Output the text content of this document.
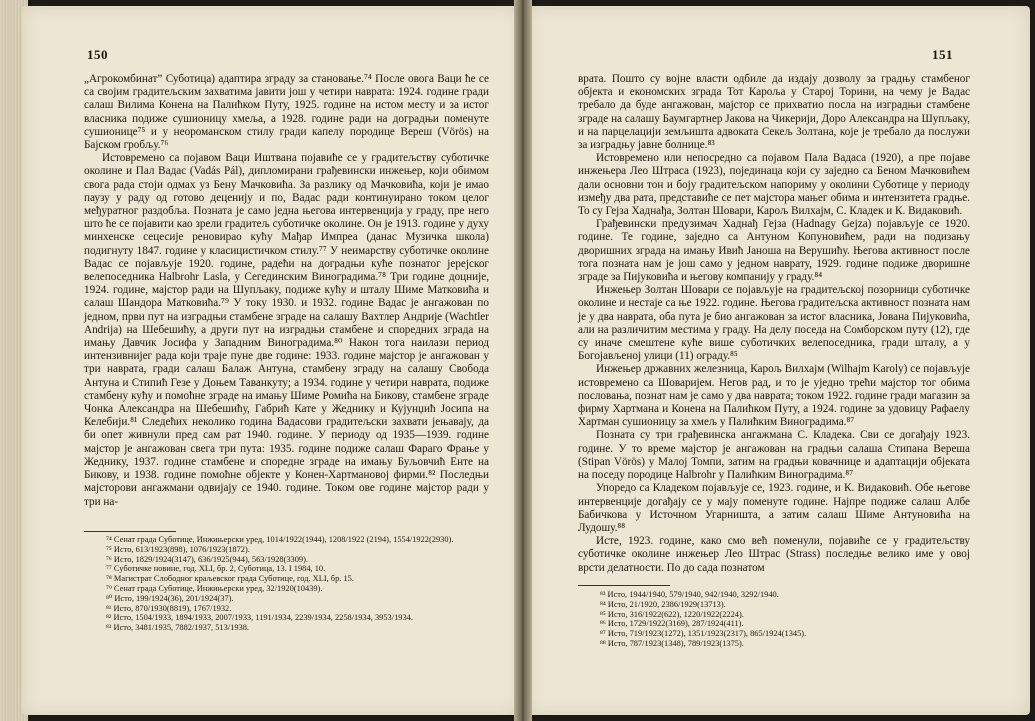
150	151

„Агрокомбинат” Суботица) адаптира зграду за становање.⁷⁴ После овога Ваци ће се са својим градитељским захватима јавити још у четири наврата: 1924. године гради салаш Вилима Конена на Палићком Путу, 1925. године на истом месту и за истог власника подиже сушионицу хмеља, а 1928. године ради на доградњи поменуте сушионице⁷⁵ и у неороманском стилу гради капелу породице Вереш (Vörös) на Бајском гробљу.⁷⁶

Истовремено са појавом Ваци Иштвана појавиће се у градитељству суботичке околине и Пал Вадас (Vadás Pál), дипломирани грађевински инжењер, који обимом свога рада стоји одмах уз Бену Мачковића. За разлику од Мачковића, који је имао паузу у раду од готово деценију и по, Вадас ради континуирано током целог међуратног раздобља. Позната је само једна његова интервенција у граду, пре него што ће се појавити као зрели градитељ суботичке околине. Он је 1913. године у духу минхенске сецесије реновирао кућу Мађар Импреа (данас Музичка школа) подигнуту 1847. године у класицистичком стилу.⁷⁷ У неимарству суботичке околине Вадас се појављује 1920. године, радећи на доградњи куће познатог јерејског велепоседника Halbrohr Lasla, у Сегединским Виноградима.⁷⁸ Три године доцније, 1924. године, мајстор ради на Шупљаку, подиже кућу и шталу Шиме Матковића и салаш Шандора Матковића.⁷⁹ У току 1930. и 1932. године Вадас је ангажован по једном, први пут на изградњи стамбене зграде на салашу Вахтлер Андрије (Wachtler Andrija) на Шебешићу, а други пут на изградњи стамбене и споредних зграда на имању Давчик Јосифа у Западним Виноградима.⁸⁰ Након тога наилази период интензивнијег рада који траје пуне две године: 1933. године мајстор је ангажован у три наврата, гради салаш Балаж Антуна, стамбену зграду на салашу Свобода Антуна и Стипић Гезе у Доњем Таванкуту; а 1934. године у четири наврата, подиже стамбену кућу и помоћне зграде на имању Шиме Ромића на Бикову, стамбене зграде Чонка Александра на Шебешићу, Габрић Кате у Жеднику и Кујунџић Јосипа на Келебији.⁸¹ Следећих неколико година Вадасови градитељски захвати јењавају, да би опет живнули пред сам рат 1940. године. У периоду од 1935—1939. године мајстор је ангажован свега три пута: 1935. године подиже салаш Фараго Фрање у Жеднику, 1937. године стамбене и споредне зграде на имању Буљовчић Енте на Бикову, и 1938. године помоћне објекте у Конен-Хартмановој фирми.⁸² Последњи мајсторови ангажмани одвијају се 1940. године. Током ове године мајстор ради у три на-

⁷⁴ Сенат града Суботице, Инжињерски уред, 1014/1922(1944), 1208/1922 (2194), 1554/1922(2930).
⁷⁵ Исто, 613/1923(898), 1076/1923(1872).
⁷⁶ Исто, 1829/1924(3147), 636/1925(944), 563/1928(3309).
⁷⁷ Суботичке новине, год. XLI, бр. 2, Суботица, 13. I 1984, 10.
⁷⁸ Магистрат Слободног краљевског града Суботице, год. XLI, бр. 15.
⁷⁹ Сенат града Суботице, Инжињерски уред, 32/1920(10439).
⁸⁰ Исто, 199/1924(36), 201/1924(37).
⁸¹ Исто, 870/1930(8819), 1767/1932.
⁸² Исто, 1504/1933, 1894/1933, 2007/1933, 1191/1934, 2239/1934, 2258/1934, 3953/1934.
⁸³ Исто, 3481/1935, 7882/1937, 513/1938.

врата. Пошто су војне власти одбиле да издају дозволу за градњу стамбеног објекта и економских зграда Тот Карољa у Старој Торини, на чему је Вадас требало да буде ангажован, мајстор се прихватио посла на изградњи стамбене зграде на салашу Баумгартнер Јакова на Чикерији, Доро Александра на Шупљаку, и на парцелацији земљишта адвоката Секељ Золтана, које је требало да послужи за изградњу јавне болнице.⁸³

Истовремено или непосредно са појавом Пала Вадаса (1920), а пре појаве инжењера Лео Штраса (1923), појединаца који су заједно са Беном Мачковићем дали основни тон и боју градитељском напориму у околини Суботице у периоду између два рата, представиће се пет мајстора мањег обима и интензитета градње. То су Гејза Хаднађа, Золтан Шовари, Карољ Вилхајм, С. Кладек и К. Видаковић.

Грађевински предузимач Хаднађ Гејза (Hadnagy Gejza) појављује се 1920. године. Те године, заједно са Антуном Копуновићем, ради на подизању дворишних зграда на имању Ивић Јаноша на Верушићу. Његова активност после тога позната нам је још само у једном наврату, 1929. године подиже дворишне зграде за Пијуковића и његову компанију у граду.⁸⁴

Инжењер Золтан Шовари се појављује на градитељској позорници суботичке околине и нестаје са ње 1922. године. Његова градитељска активност позната нам је у два наврата, оба пута је био ангажован за истог власника, Јована Пијуковића, али на различитим местима у граду. На делу поседа на Сомборском путу (12), где су иначе смештене куће више суботичких велепоседника, гради шталу, а у Богојављеној улици (11) ограду.⁸⁵

Инжењер државних железница, Карољ Вилхајм (Wilhajm Karoly) се појављује истовремено са Шоваријем. Негов рад, и то је уједно трећи мајстор тог обима пословања, познат нам је само у два наврата; током 1922. године гради магазин за фирму Хартмана и Конена на Палићком Путу, а 1924. године за удовицу Рафаелу Хартман сушионицу за хмељ у Палићким Виноградима.⁸⁷

Позната су три грађевинска ангажмана С. Кладека. Сви се догађају 1923. године. У то време мајстор је ангажован на градњи салаша Стипана Вереша (Stipan Vörös) у Малој Томпи, затим на градњи ковачнице и адаптацији објеката на поседу породице Halbrohr у Палићким Виноградима.⁸⁷

Упоредо са Кладеком појављује се, 1923. године, и К. Видаковић. Обе његове интервенције догађају се у мају поменуте године. Најпре подиже салаш Албе Бабичкова у Источном Угарништа, а затим салаш Шиме Антуновића на Лудошу.⁸⁸

Исте, 1923. године, како смо већ поменули, појавиће се у градитељству суботичке околине инжењер Лео Штрас (Strass) последње велико име у овој врсти делатности. По до сада познатом

⁸³ Исто, 1944/1940, 579/1940, 942/1940, 3292/1940.
⁸⁴ Исто, 21/1920, 2386/1929(13713).
⁸⁵ Исто, 316/1922(622), 1220/1922(2224).
⁸⁶ Исто, 1729/1922(3169), 287/1924(411).
⁸⁷ Исто, 719/1923(1272), 1351/1923(2317), 865/1924(1345).
⁸⁸ Исто, 787/1923(1348), 789/1923(1375).
